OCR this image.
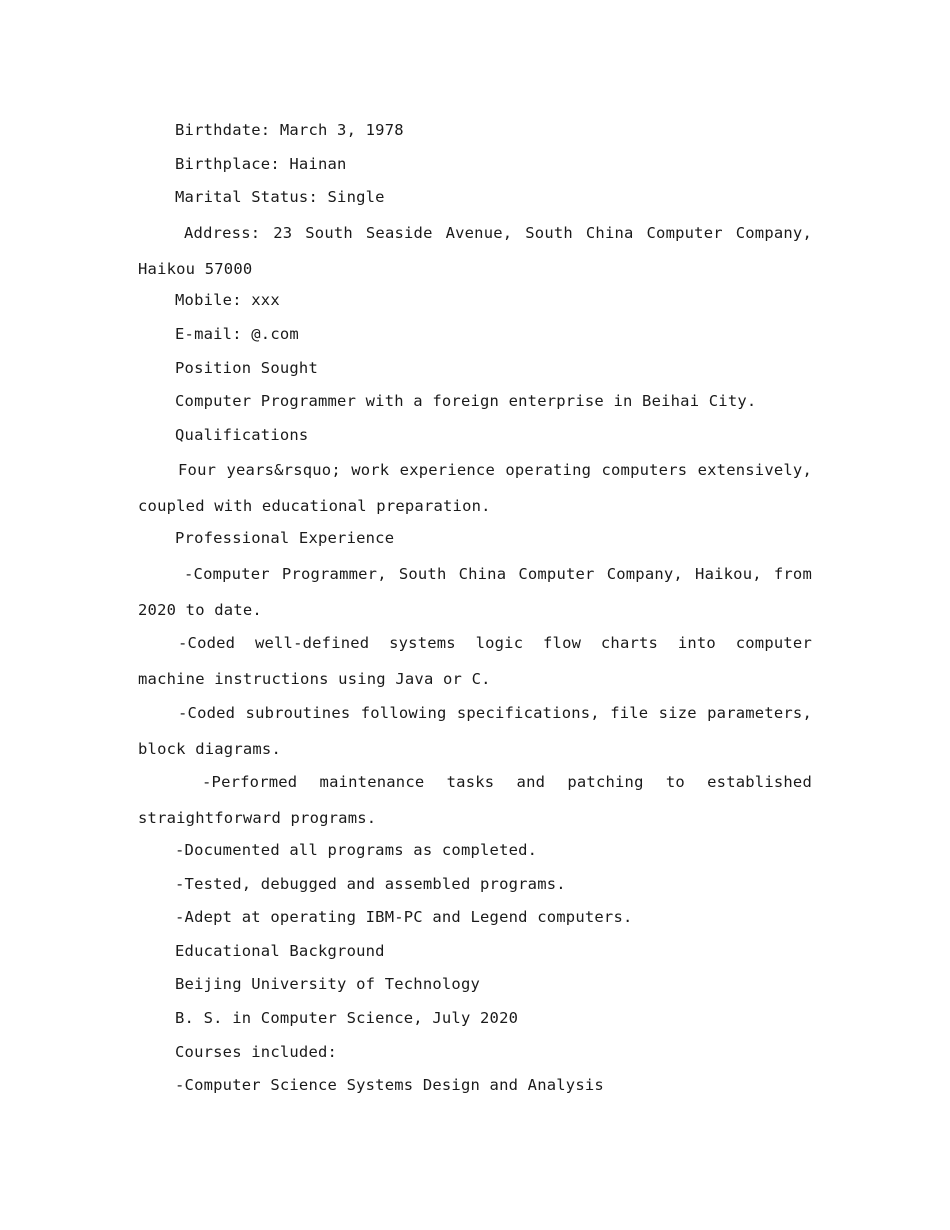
Birthdate: March 3, 1978

Birthplace: Hainan

Marital Status: Single

Address: 23 South Seaside Avenue, South China Computer Company, Haikou 57000

Mobile: xxx

E-mail: @.com

Position Sought

Computer Programmer with a foreign enterprise in Beihai City.

Qualifications

Four years&rsquo; work experience operating computers extensively, coupled with educational preparation.

Professional Experience

-Computer Programmer, South China Computer Company, Haikou, from 2020 to date.

-Coded well-defined systems logic flow charts into computer machine instructions using Java or C.

-Coded subroutines following specifications, file size parameters, block diagrams.

-Performed maintenance tasks and patching to established straightforward programs.

-Documented all programs as completed.

-Tested, debugged and assembled programs.

-Adept at operating IBM-PC and Legend computers.

Educational Background

Beijing University of Technology

B. S. in Computer Science, July 2020

Courses included:

-Computer Science Systems Design and Analysis
